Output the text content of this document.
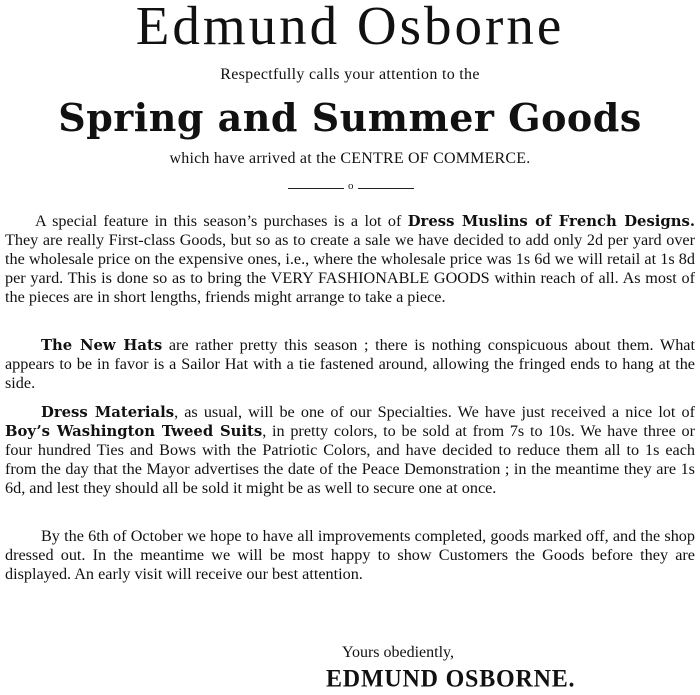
Edmund Osborne
Respectfully calls your attention to the
Spring and Summer Goods
which have arrived at the CENTRE OF COMMERCE.
o

A special feature in this season’s purchases is a lot of Dress Muslins of French Designs. They are really First-class Goods, but so as to create a sale we have decided to add only 2d per yard over the wholesale price on the expensive ones, i.e., where the wholesale price was 1s 6d we will retail at 1s 8d per yard. This is done so as to bring the VERY FASHIONABLE GOODS within reach of all. As most of the pieces are in short lengths, friends might arrange to take a piece.

The New Hats are rather pretty this season ; there is nothing conspicuous about them. What appears to be in favor is a Sailor Hat with a tie fastened around, allowing the fringed ends to hang at the side.

Dress Materials, as usual, will be one of our Specialties. We have just received a nice lot of Boy’s Washington Tweed Suits, in pretty colors, to be sold at from 7s to 10s. We have three or four hundred Ties and Bows with the Patriotic Colors, and have decided to reduce them all to 1s each from the day that the Mayor advertises the date of the Peace Demonstration ; in the meantime they are 1s 6d, and lest they should all be sold it might be as well to secure one at once.

By the 6th of October we hope to have all improvements completed, goods marked off, and the shop dressed out. In the meantime we will be most happy to show Customers the Goods before they are displayed. An early visit will receive our best attention.

Yours obediently,
EDMUND OSBORNE.
